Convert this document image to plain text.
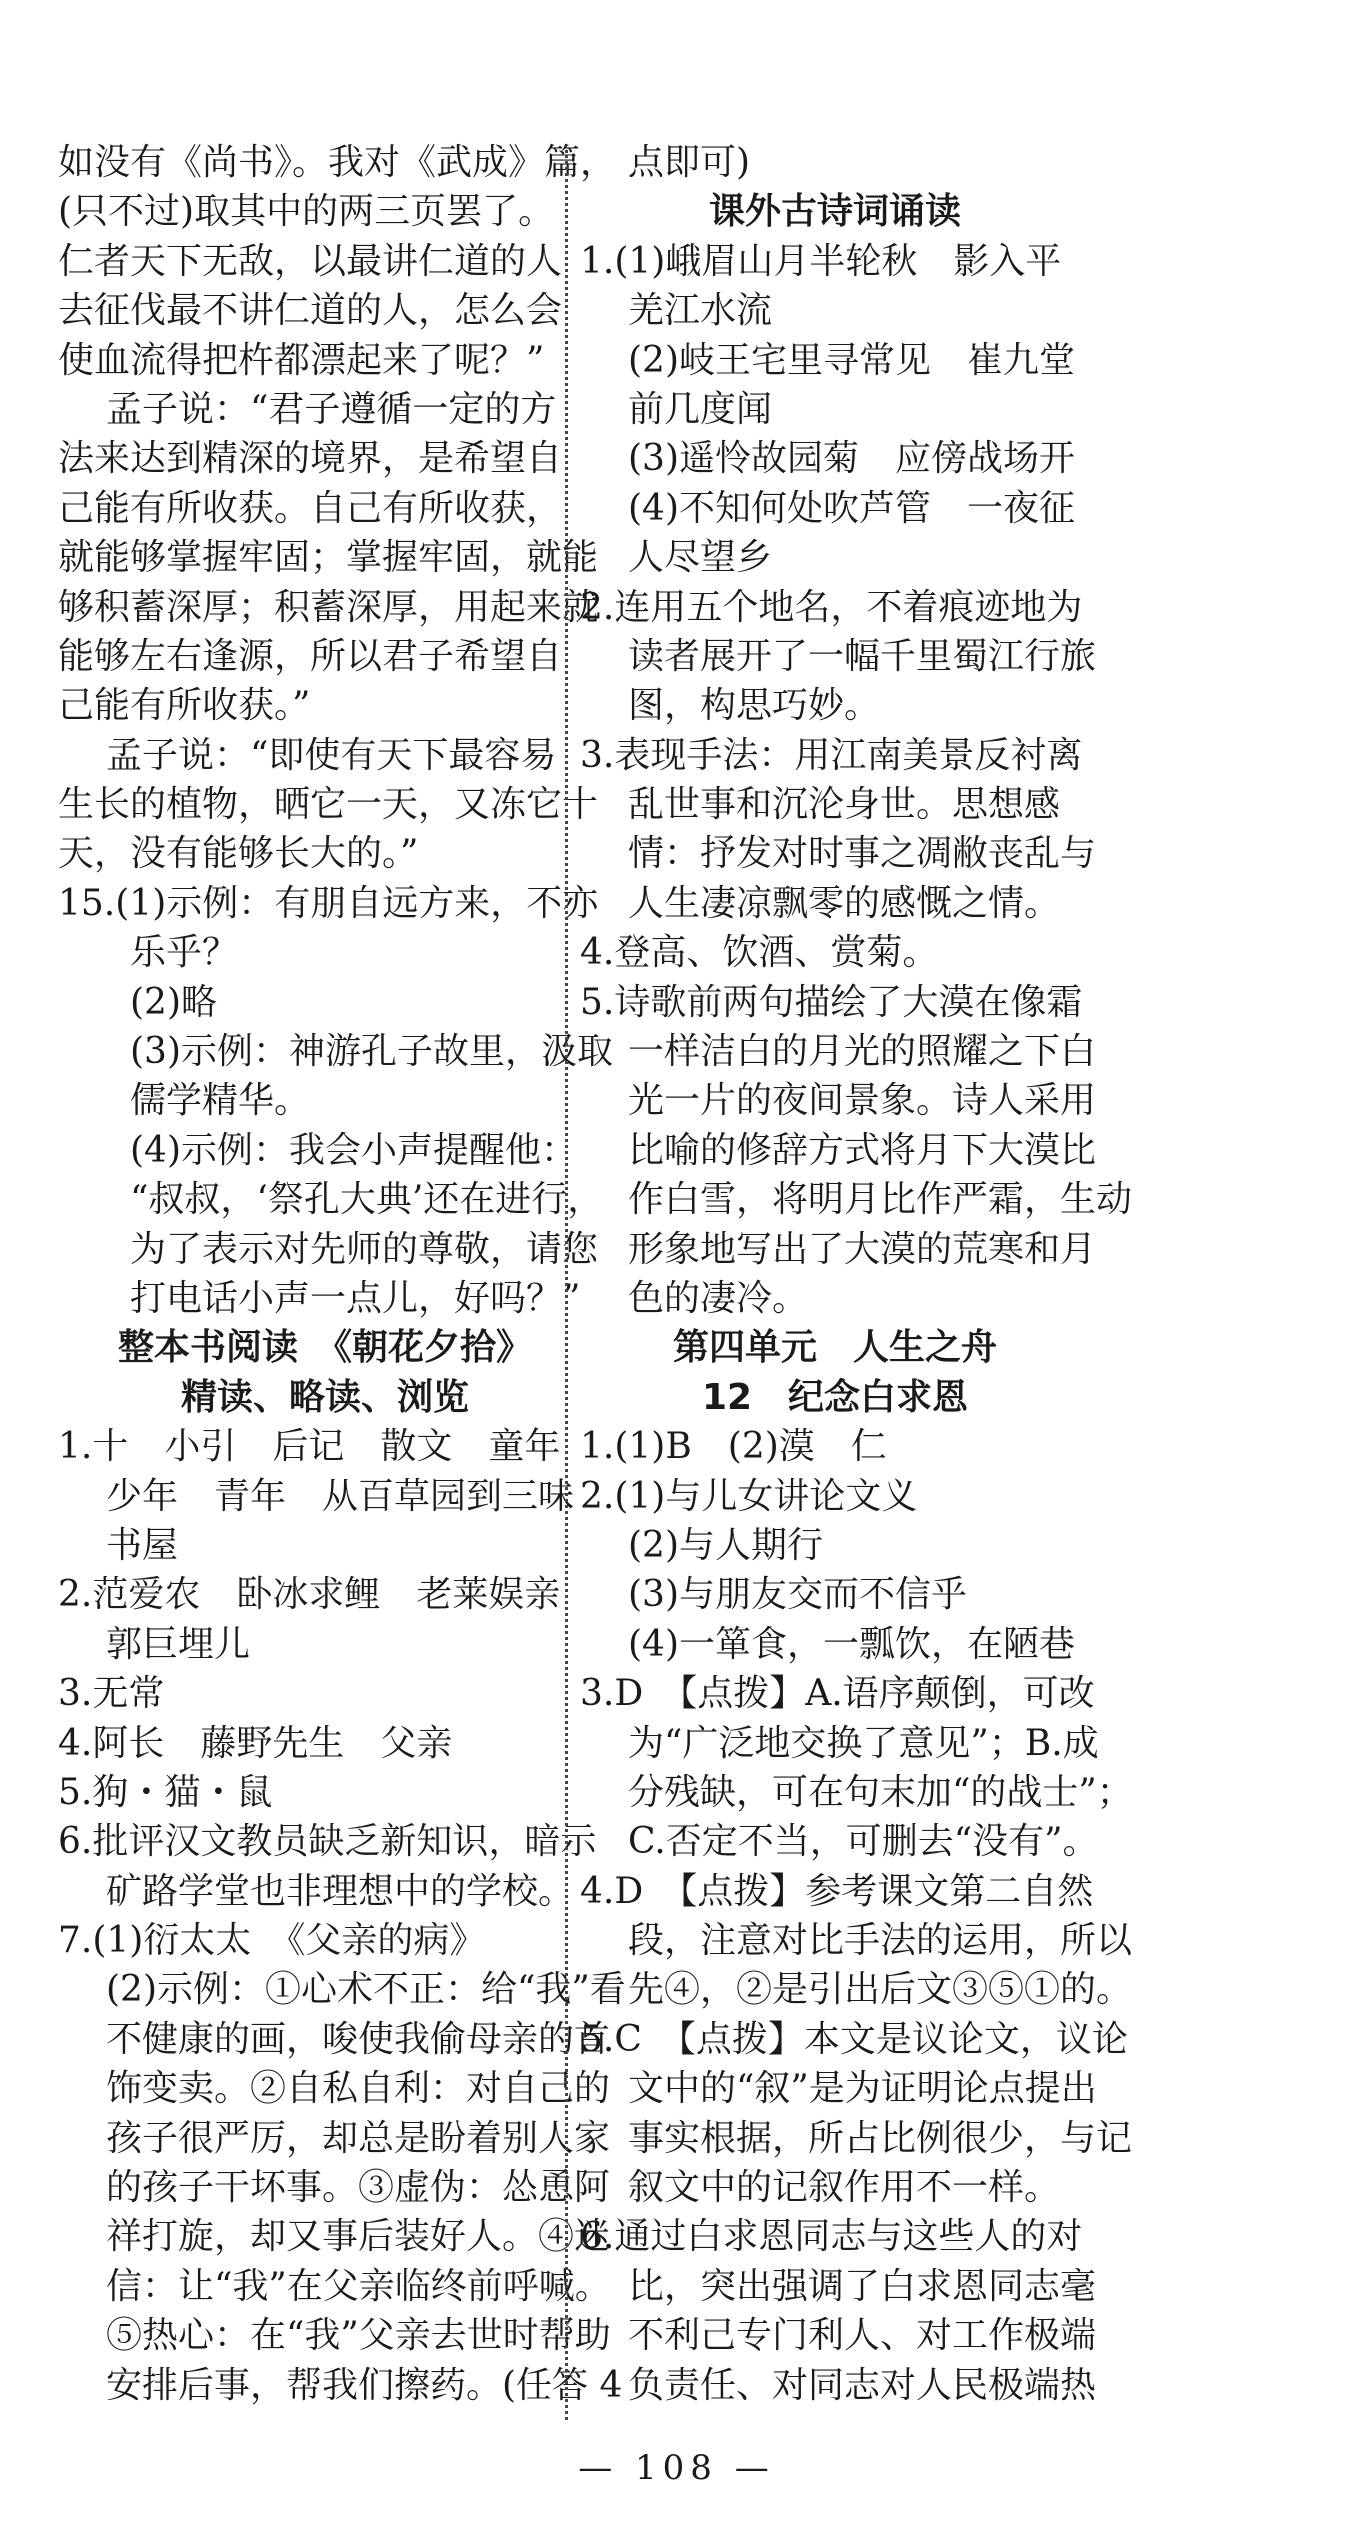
如没有《尚书》。我对《武成》篇，
(只不过)取其中的两三页罢了。
仁者天下无敌，以最讲仁道的人
去征伐最不讲仁道的人，怎么会
使血流得把杵都漂起来了呢？”
孟子说：“君子遵循一定的方
法来达到精深的境界，是希望自
己能有所收获。自己有所收获，
就能够掌握牢固；掌握牢固，就能
够积蓄深厚；积蓄深厚，用起来就
能够左右逢源，所以君子希望自
己能有所收获。”
孟子说：“即使有天下最容易
生长的植物，晒它一天，又冻它十
天，没有能够长大的。”
15.(1)示例：有朋自远方来，不亦
乐乎？
(2)略
(3)示例：神游孔子故里，汲取
儒学精华。
(4)示例：我会小声提醒他：
“叔叔，‘祭孔大典’还在进行，
为了表示对先师的尊敬，请您
打电话小声一点儿，好吗？”
整本书阅读　《朝花夕拾》
精读、略读、浏览
1.十　小引　后记　散文　童年
少年　青年　从百草园到三味
书屋
2.范爱农　卧冰求鲤　老莱娱亲
郭巨埋儿
3.无常
4.阿长　藤野先生　父亲
5.狗・猫・鼠
6.批评汉文教员缺乏新知识，暗示
矿路学堂也非理想中的学校。
7.(1)衍太太　《父亲的病》
(2)示例：①心术不正：给“我”看
不健康的画，唆使我偷母亲的首
饰变卖。②自私自利：对自己的
孩子很严厉，却总是盼着别人家
的孩子干坏事。③虚伪：怂恿阿
祥打旋，却又事后装好人。④迷
信：让“我”在父亲临终前呼喊。
⑤热心：在“我”父亲去世时帮助
安排后事，帮我们擦药。(任答 4
点即可)
课外古诗词诵读
1.(1)峨眉山月半轮秋　影入平
羌江水流
(2)岐王宅里寻常见　崔九堂
前几度闻
(3)遥怜故园菊　应傍战场开
(4)不知何处吹芦管　一夜征
人尽望乡
2.连用五个地名，不着痕迹地为
读者展开了一幅千里蜀江行旅
图，构思巧妙。
3.表现手法：用江南美景反衬离
乱世事和沉沦身世。思想感
情：抒发对时事之凋敝丧乱与
人生凄凉飘零的感慨之情。
4.登高、饮酒、赏菊。
5.诗歌前两句描绘了大漠在像霜
一样洁白的月光的照耀之下白
光一片的夜间景象。诗人采用
比喻的修辞方式将月下大漠比
作白雪，将明月比作严霜，生动
形象地写出了大漠的荒寒和月
色的凄冷。
第四单元　人生之舟
12　纪念白求恩
1.(1)B　(2)漠　仁
2.(1)与儿女讲论文义
(2)与人期行
(3)与朋友交而不信乎
(4)一箪食，一瓢饮，在陋巷
3.D　【点拨】A.语序颠倒，可改
为“广泛地交换了意见”；B.成
分残缺，可在句末加“的战士”；
C.否定不当，可删去“没有”。
4.D　【点拨】参考课文第二自然
段，注意对比手法的运用，所以
先④，②是引出后文③⑤①的。
5.C　【点拨】本文是议论文，议论
文中的“叙”是为证明论点提出
事实根据，所占比例很少，与记
叙文中的记叙作用不一样。
6.通过白求恩同志与这些人的对
比，突出强调了白求恩同志毫
不利己专门利人、对工作极端
负责任、对同志对人民极端热
— 108 —
